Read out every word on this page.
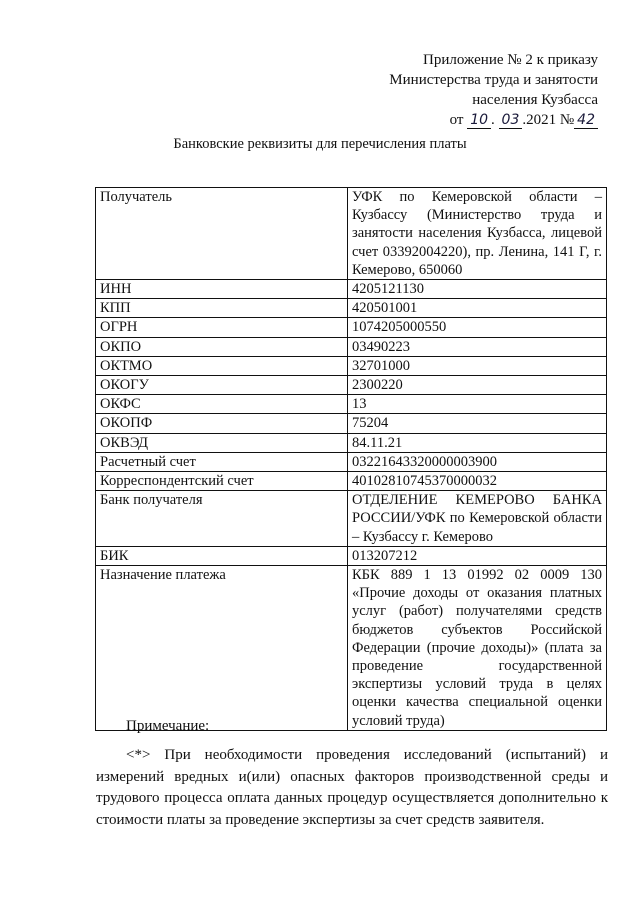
Приложение № 2 к приказу
Министерства труда и занятости
населения Кузбасса
от 10 . 03 .2021 № 42
Банковские реквизиты для перечисления платы
Получатель	УФК по Кемеровской области – Кузбассу (Министерство труда и занятости населения Кузбасса, лицевой счет 03392004220), пр. Ленина, 141 Г, г. Кемерово, 650060
ИНН	4205121130
КПП	420501001
ОГРН	1074205000550
ОКПО	03490223
ОКТМО	32701000
ОКОГУ	2300220
ОКФС	13
ОКОПФ	75204
ОКВЭД	84.11.21
Расчетный счет	03221643320000003900
Корреспондентский счет	40102810745370000032
Банк получателя	ОТДЕЛЕНИЕ КЕМЕРОВО БАНКА РОССИИ/УФК по Кемеровской области – Кузбассу г. Кемерово
БИК	013207212
Назначение платежа	КБК 889 1 13 01992 02 0009 130 «Прочие доходы от оказания платных услуг (работ) получателями средств бюджетов субъектов Российской Федерации (прочие доходы)» (плата за проведение государственной экспертизы условий труда в целях оценки качества специальной оценки условий труда)
Примечание:
<*> При необходимости проведения исследований (испытаний) и измерений вредных и(или) опасных факторов производственной среды и трудового процесса оплата данных процедур осуществляется дополнительно к стоимости платы за проведение экспертизы за счет средств заявителя.
